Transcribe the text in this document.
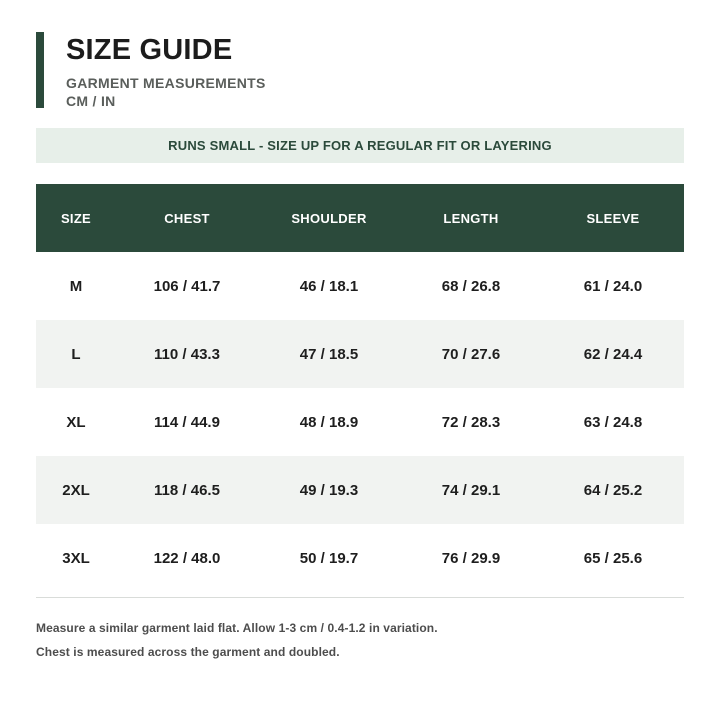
SIZE GUIDE
GARMENT MEASUREMENTS
CM / IN
RUNS SMALL - SIZE UP FOR A REGULAR FIT OR LAYERING
SIZE	CHEST	SHOULDER	LENGTH	SLEEVE
M	106 / 41.7	46 / 18.1	68 / 26.8	61 / 24.0
L	110 / 43.3	47 / 18.5	70 / 27.6	62 / 24.4
XL	114 / 44.9	48 / 18.9	72 / 28.3	63 / 24.8
2XL	118 / 46.5	49 / 19.3	74 / 29.1	64 / 25.2
3XL	122 / 48.0	50 / 19.7	76 / 29.9	65 / 25.6
Measure a similar garment laid flat. Allow 1-3 cm / 0.4-1.2 in variation.
Chest is measured across the garment and doubled.
